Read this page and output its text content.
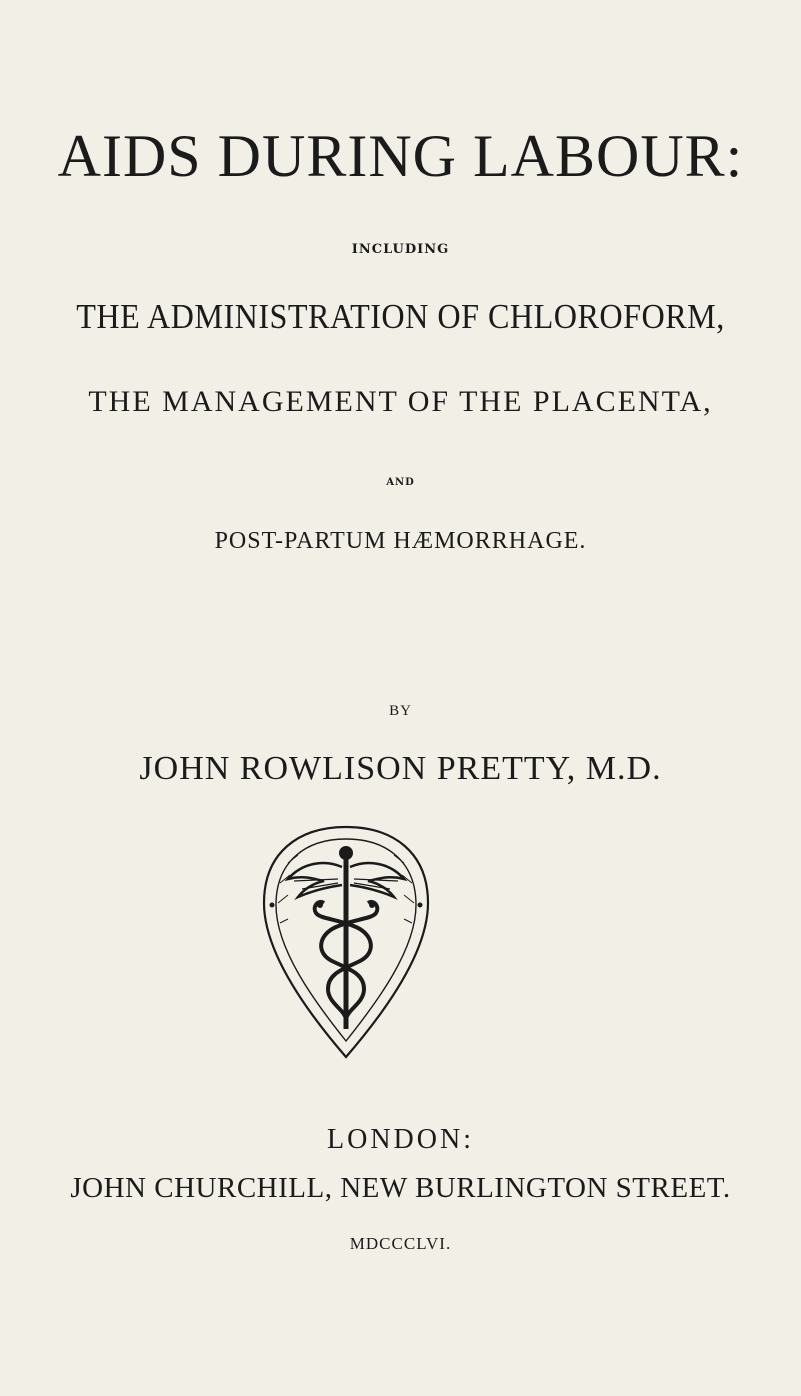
AIDS DURING LABOUR:
INCLUDING
THE ADMINISTRATION OF CHLOROFORM,
THE MANAGEMENT OF THE PLACENTA,
AND
POST-PARTUM HÆMORRHAGE.
BY
JOHN ROWLISON PRETTY, M.D.
LONDON:
JOHN CHURCHILL, NEW BURLINGTON STREET.
MDCCCLVI.
